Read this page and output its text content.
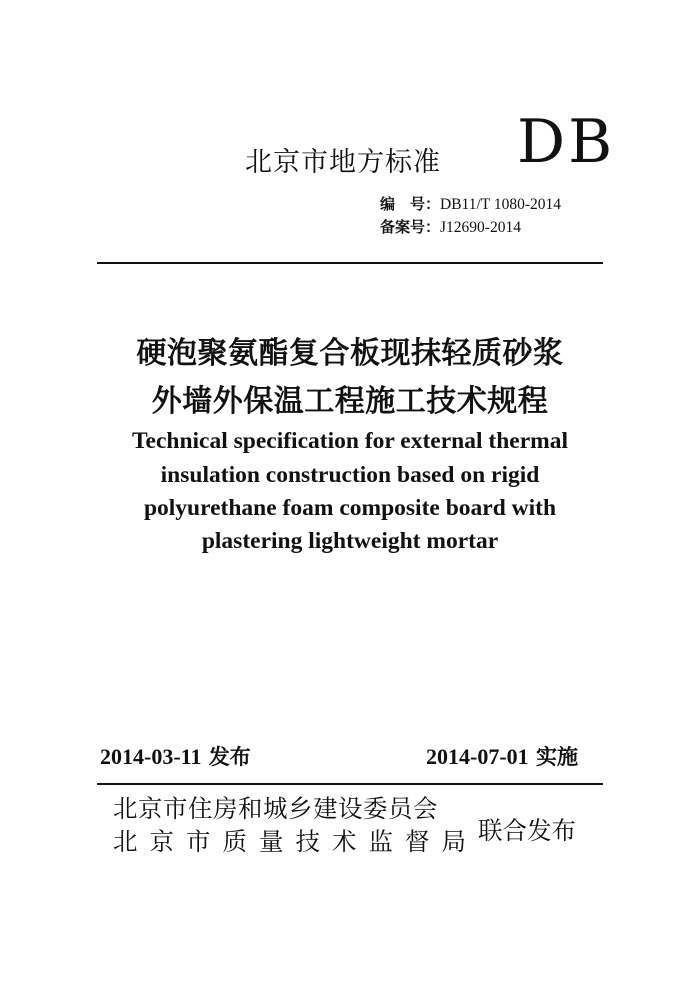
北京市地方标准 DB
编　号：DB11/T 1080-2014
备案号：J12690-2014
硬泡聚氨酯复合板现抹轻质砂浆
外墙外保温工程施工技术规程
Technical specification for external thermal
insulation construction based on rigid
polyurethane foam composite board with
plastering lightweight mortar
2014-03-11 发布	2014-07-01 实施
北京市住房和城乡建设委员会
北京市质量技术监督局 联合发布
